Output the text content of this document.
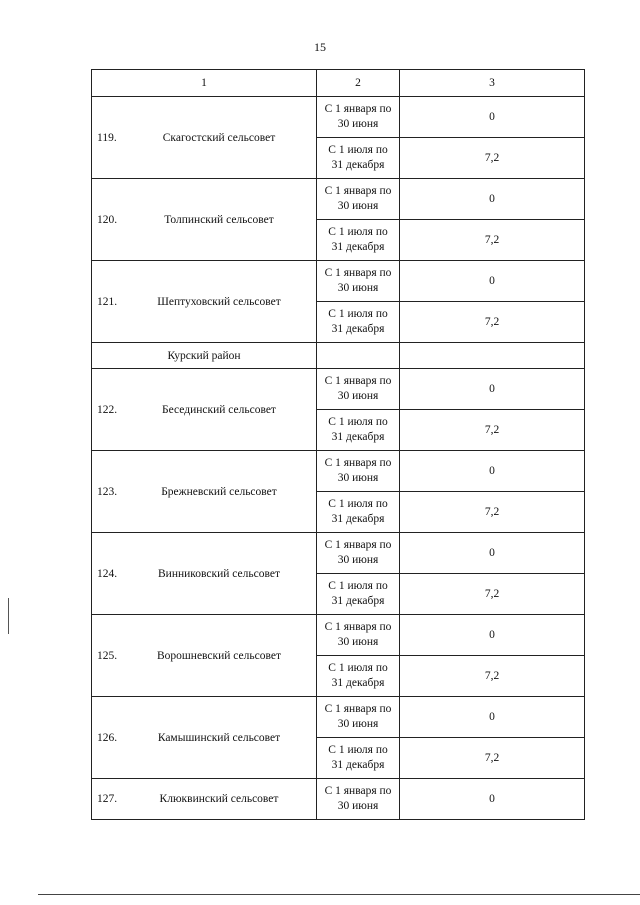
15
1	2	3

119. Скагостский сельсовет	С 1 января по
30 июня	0
	С 1 июля по
31 декабря	7,2

120. Толпинский сельсовет	С 1 января по
30 июня	0
	С 1 июля по
31 декабря	7,2

121. Шептуховский сельсовет	С 1 января по
30 июня	0
	С 1 июля по
31 декабря	7,2
Курский район		

122. Бесединский сельсовет	С 1 января по
30 июня	0
	С 1 июля по
31 декабря	7,2

123. Брежневский сельсовет	С 1 января по
30 июня	0
	С 1 июля по
31 декабря	7,2

124. Винниковский сельсовет	С 1 января по
30 июня	0
	С 1 июля по
31 декабря	7,2

125. Ворошневский сельсовет	С 1 января по
30 июня	0
	С 1 июля по
31 декабря	7,2

126. Камышинский сельсовет	С 1 января по
30 июня	0
	С 1 июля по
31 декабря	7,2

127. Клюквинский сельсовет	С 1 января по
30 июня	0
